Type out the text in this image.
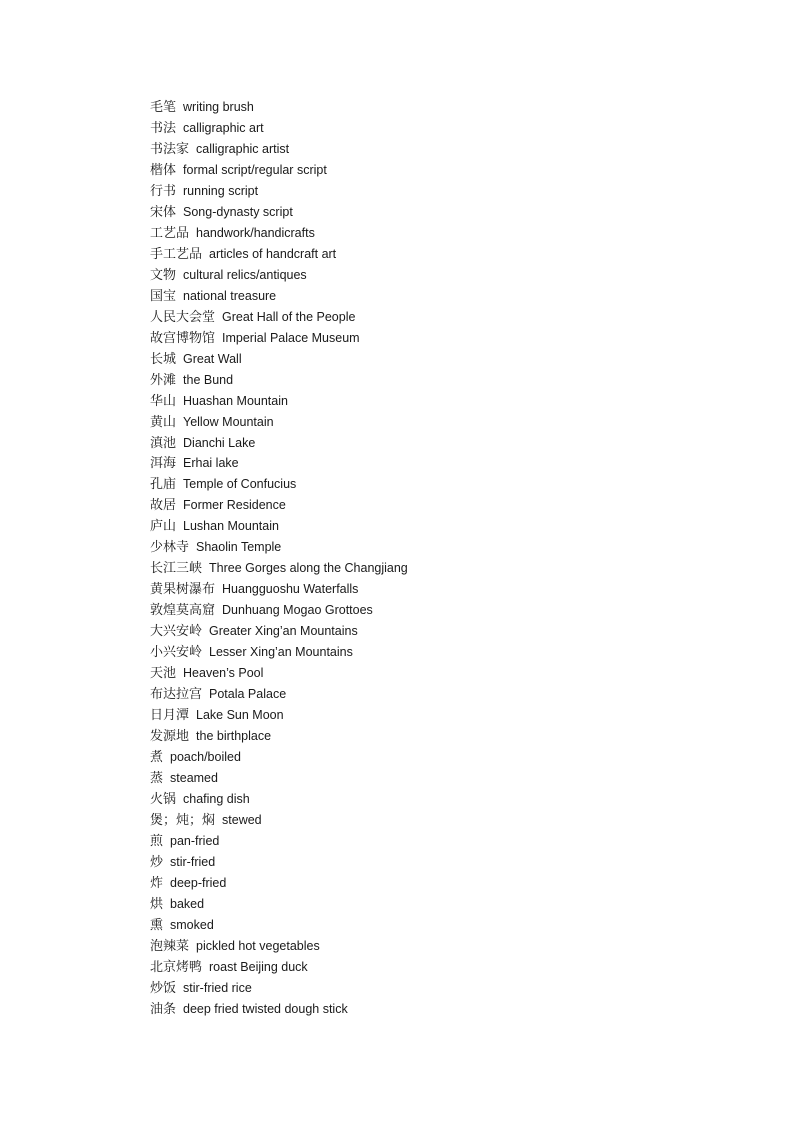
毛笔 writing brush
书法 calligraphic art
书法家 calligraphic artist
楷体 formal script/regular script
行书 running script
宋体 Song-dynasty script
工艺品 handwork/handicrafts
手工艺品 articles of handcraft art
文物 cultural relics/antiques
国宝 national treasure
人民大会堂 Great Hall of the People
故宫博物馆 Imperial Palace Museum
长城 Great Wall
外滩 the Bund
华山 Huashan Mountain
黄山 Yellow Mountain
滇池 Dianchi Lake
洱海 Erhai lake
孔庙 Temple of Confucius
故居 Former Residence
庐山 Lushan Mountain
少林寺 Shaolin Temple
长江三峡 Three Gorges along the Changjiang
黄果树瀑布 Huangguoshu Waterfalls
敦煌莫高窟 Dunhuang Mogao Grottoes
大兴安岭 Greater Xing’an Mountains
小兴安岭 Lesser Xing’an Mountains
天池 Heaven’s Pool
布达拉宫 Potala Palace
日月潭 Lake Sun Moon
发源地 the birthplace
煮 poach/boiled
蒸 steamed
火锅 chafing dish
煲；炖；焖 stewed
煎 pan-fried
炒 stir-fried
炸 deep-fried
烘 baked
熏 smoked
泡辣菜 pickled hot vegetables
北京烤鸭 roast Beijing duck
炒饭 stir-fried rice
油条 deep fried twisted dough stick
